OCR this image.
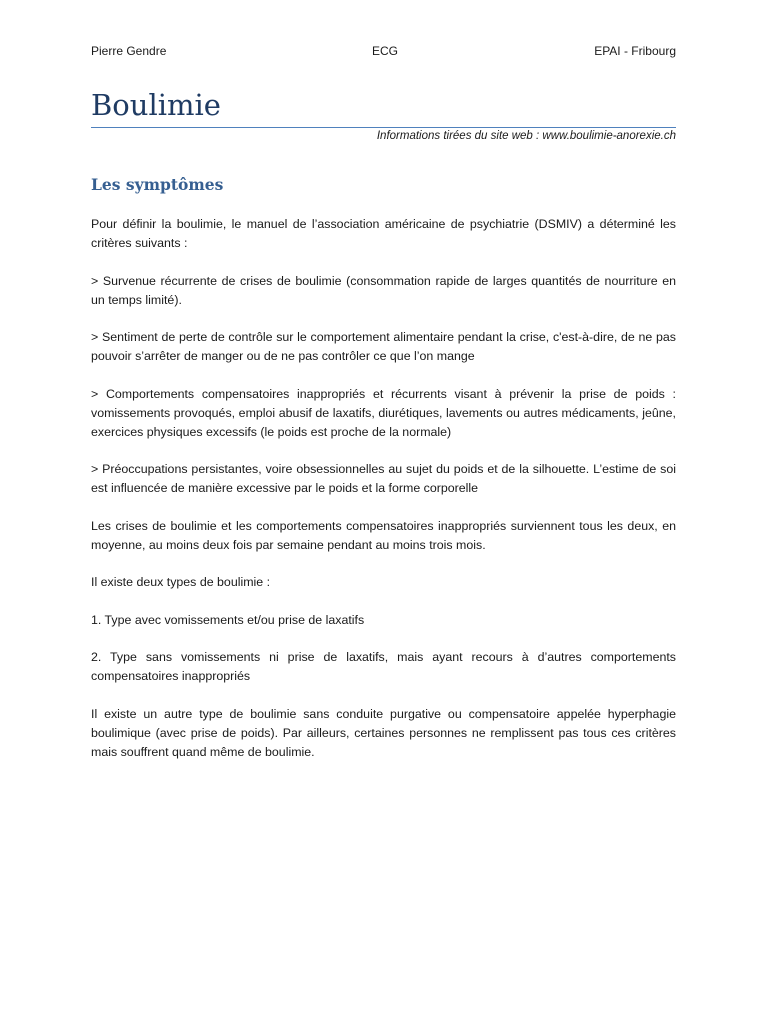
Pierre Gendre	ECG	EPAI - Fribourg
Boulimie
Informations tirées du site web : www.boulimie-anorexie.ch
Les symptômes

Pour définir la boulimie, le manuel de l’association américaine de psychiatrie (DSMIV) a déterminé les critères suivants :

> Survenue récurrente de crises de boulimie (consommation rapide de larges quantités de nourriture en un temps limité).

> Sentiment de perte de contrôle sur le comportement alimentaire pendant la crise, c'est-à-dire, de ne pas pouvoir s’arrêter de manger ou de ne pas contrôler ce que l’on mange

> Comportements compensatoires inappropriés et récurrents visant à prévenir la prise de poids : vomissements provoqués, emploi abusif de laxatifs, diurétiques, lavements ou autres médicaments, jeûne, exercices physiques excessifs (le poids est proche de la normale)

> Préoccupations persistantes, voire obsessionnelles au sujet du poids et de la silhouette. L’estime de soi est influencée de manière excessive par le poids et la forme corporelle

Les crises de boulimie et les comportements compensatoires inappropriés surviennent tous les deux, en moyenne, au moins deux fois par semaine pendant au moins trois mois.

Il existe deux types de boulimie :

1. Type avec vomissements et/ou prise de laxatifs

2. Type sans vomissements ni prise de laxatifs, mais ayant recours à d’autres comportements compensatoires inappropriés

Il existe un autre type de boulimie sans conduite purgative ou compensatoire appelée hyperphagie boulimique (avec prise de poids). Par ailleurs, certaines personnes ne remplissent pas tous ces critères mais souffrent quand même de boulimie.
